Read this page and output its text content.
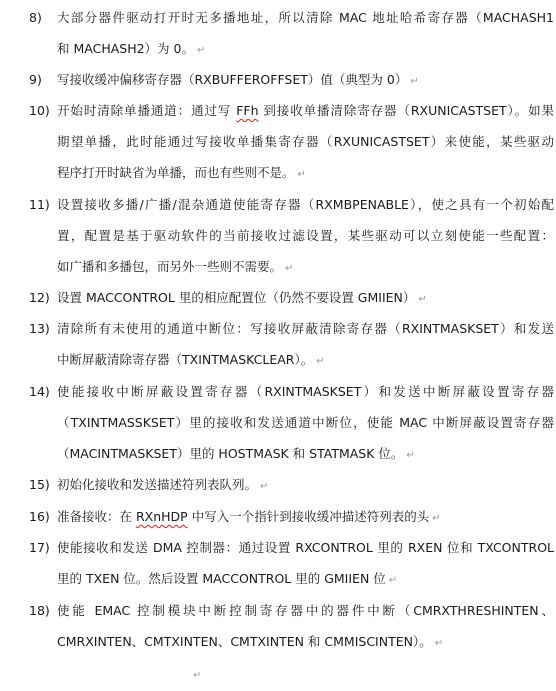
8) 大部分器件驱动打开时无多播地址，所以清除 MAC 地址哈希寄存器（MACHASH1
和 MACHASH2）为 0。 ↵
9) 写接收缓冲偏移寄存器（RXBUFFEROFFSET）值（典型为 0） ↵
10) 开始时清除单播通道：通过写 FFh 到接收单播清除寄存器（RXUNICASTSET）。如果
期望单播，此时能通过写接收单播集寄存器（RXUNICASTSET）来使能，某些驱动
程序打开时缺省为单播，而也有些则不是。 ↵
11) 设置接收多播/广播/混杂通道使能寄存器（RXMBPENABLE），使之具有一个初始配
置，配置是基于驱动软件的当前接收过滤设置，某些驱动可以立刻使能一些配置：
如广播和多播包，而另外一些则不需要。 ↵
12) 设置 MACCONTROL 里的相应配置位（仍然不要设置 GMIIEN） ↵
13) 清除所有未使用的通道中断位：写接收屏蔽清除寄存器（RXINTMASKSET）和发送
中断屏蔽清除寄存器（TXINTMASKCLEAR）。 ↵
14) 使能接收中断屏蔽设置寄存器（RXINTMASKSET）和发送中断屏蔽设置寄存器
（TXINTMASSKSET）里的接收和发送通道中断位，使能 MAC 中断屏蔽设置寄存器
（MACINTMASKSET）里的 HOSTMASK 和 STATMASK 位。 ↵
15) 初始化接收和发送描述符列表队列。 ↵
16) 准备接收：在 RXnHDP 中写入一个指针到接收缓冲描述符列表的头 ↵
17) 使能接收和发送 DMA 控制器：通过设置 RXCONTROL 里的 RXEN 位和 TXCONTROL
里的 TXEN 位。然后设置 MACCONTROL 里的 GMIIEN 位 ↵
18) 使能 EMAC 控制模块中断控制寄存器中的器件中断（CMRXTHRESHINTEN、
CMRXINTEN、CMTXINTEN、CMTXINTEN 和 CMMISCINTEN）。 ↵
↵
